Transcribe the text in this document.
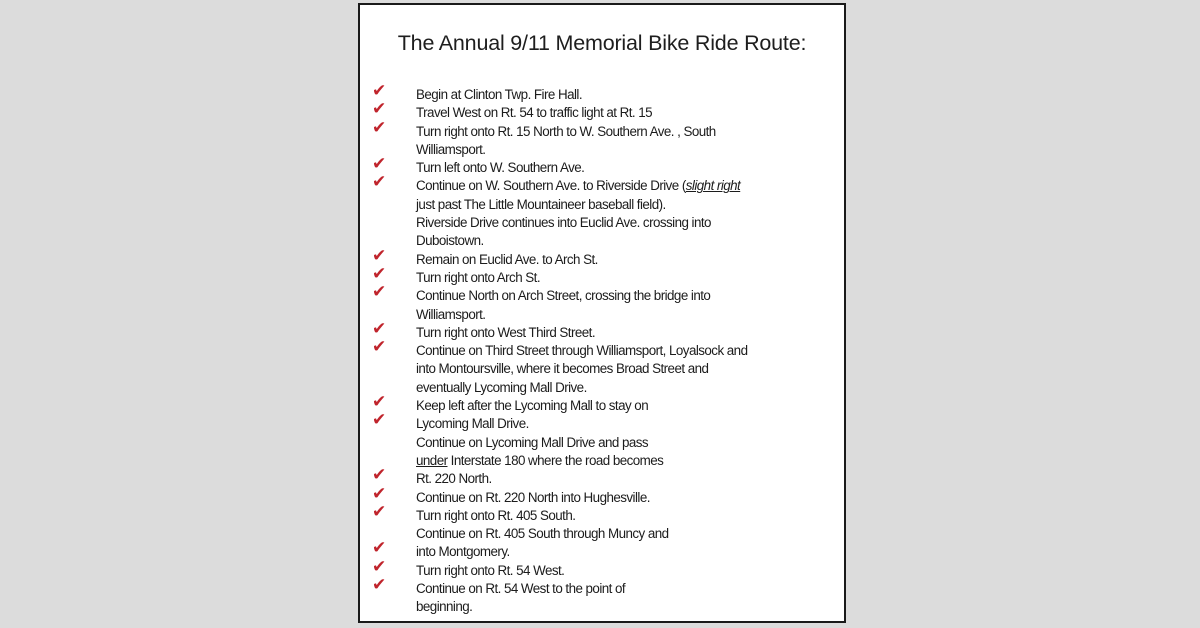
The Annual 9/11 Memorial Bike Ride Route:
✔ Begin at Clinton Twp. Fire Hall.
✔ Travel West on Rt. 54 to traffic light at Rt. 15
✔ Turn right onto Rt. 15 North to W. Southern Ave. , South
Williamsport.
✔ Turn left onto W. Southern Ave.
✔ Continue on W. Southern Ave. to Riverside Drive (slight right
just past The Little Mountaineer baseball field).
Riverside Drive continues into Euclid Ave. crossing into
Duboistown.
✔ Remain on Euclid Ave. to Arch St.
✔ Turn right onto Arch St.
✔ Continue North on Arch Street, crossing the bridge into
Williamsport.
✔ Turn right onto West Third Street.
✔ Continue on Third Street through Williamsport, Loyalsock and
into Montoursville, where it becomes Broad Street and
eventually Lycoming Mall Drive.
✔ Keep left after the Lycoming Mall to stay on
✔ Lycoming Mall Drive.
Continue on Lycoming Mall Drive and pass
under Interstate 180 where the road becomes
✔ Rt. 220 North.
✔ Continue on Rt. 220 North into Hughesville.
✔ Turn right onto Rt. 405 South.
Continue on Rt. 405 South through Muncy and
✔ into Montgomery.
✔ Turn right onto Rt. 54 West.
✔ Continue on Rt. 54 West to the point of
beginning.
